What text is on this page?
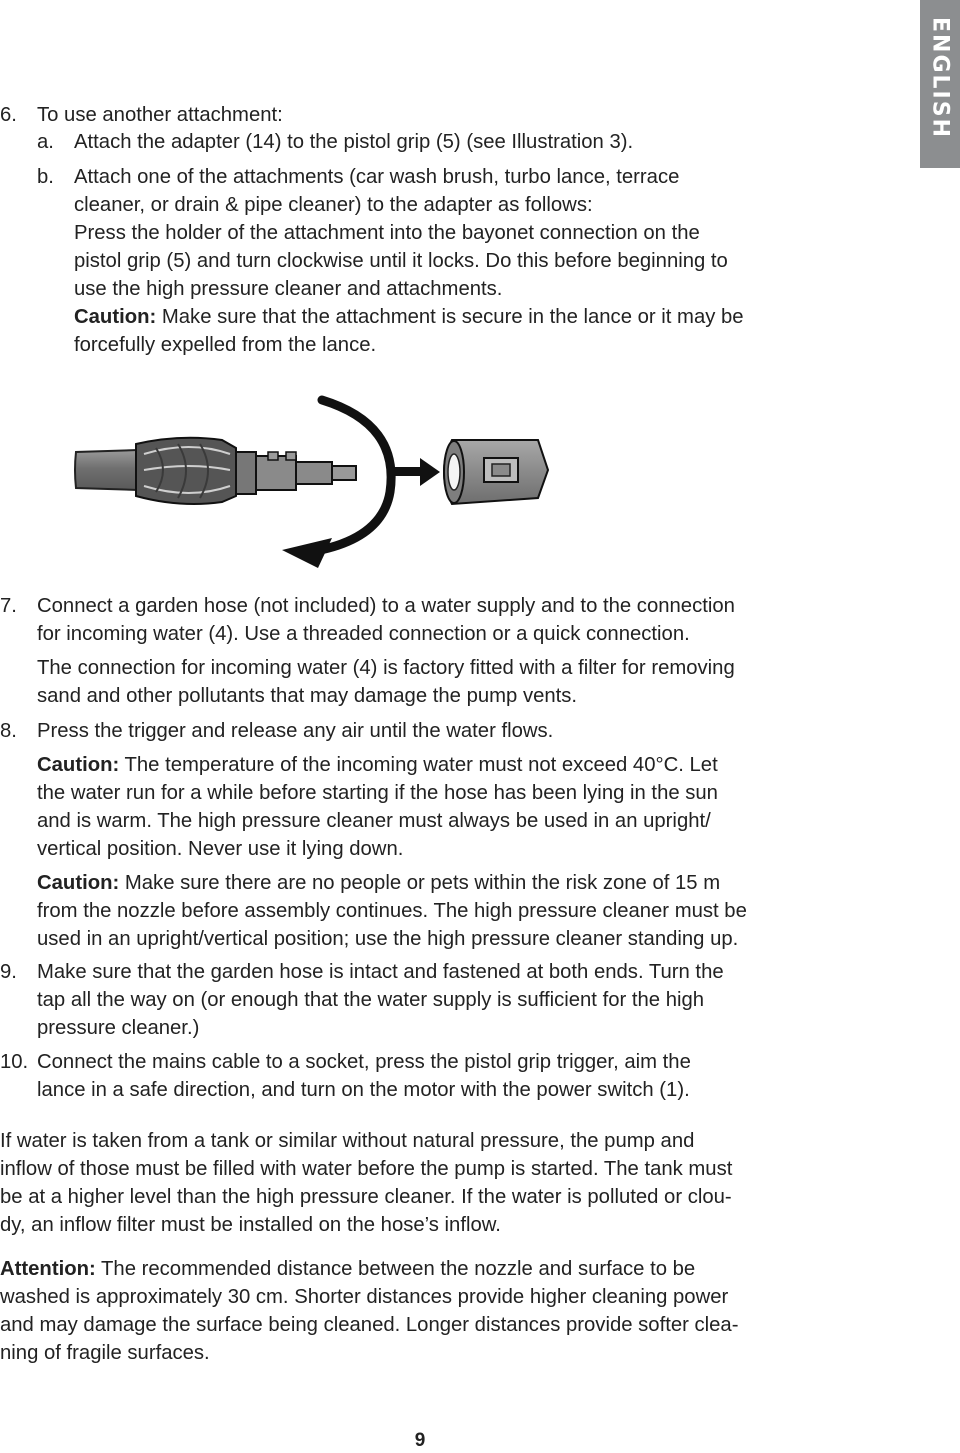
ENGLISH
6. To use another attachment:
a. Attach the adapter (14) to the pistol grip (5) (see Illustration 3).
b. Attach one of the attachments (car wash brush, turbo lance, terrace
cleaner, or drain & pipe cleaner) to the adapter as follows:
Press the holder of the attachment into the bayonet connection on the
pistol grip (5) and turn clockwise until it locks. Do this before beginning to
use the high pressure cleaner and attachments.
Caution: Make sure that the attachment is secure in the lance or it may be
forcefully expelled from the lance.
7. Connect a garden hose (not included) to a water supply and to the connection
for incoming water (4). Use a threaded connection or a quick connection.
The connection for incoming water (4) is factory fitted with a filter for removing
sand and other pollutants that may damage the pump vents.
8. Press the trigger and release any air until the water flows.
Caution: The temperature of the incoming water must not exceed 40°C. Let
the water run for a while before starting if the hose has been lying in the sun
and is warm. The high pressure cleaner must always be used in an upright/
vertical position. Never use it lying down.
Caution: Make sure there are no people or pets within the risk zone of 15 m
from the nozzle before assembly continues. The high pressure cleaner must be
used in an upright/vertical position; use the high pressure cleaner standing up.
9. Make sure that the garden hose is intact and fastened at both ends. Turn the
tap all the way on (or enough that the water supply is sufficient for the high
pressure cleaner.)
10. Connect the mains cable to a socket, press the pistol grip trigger, aim the
lance in a safe direction, and turn on the motor with the power switch (1).
If water is taken from a tank or similar without natural pressure, the pump and
inflow of those must be filled with water before the pump is started. The tank must
be at a higher level than the high pressure cleaner. If the water is polluted or clou-
dy, an inflow filter must be installed on the hose’s inflow.
Attention: The recommended distance between the nozzle and surface to be
washed is approximately 30 cm. Shorter distances provide higher cleaning power
and may damage the surface being cleaned. Longer distances provide softer clea-
ning of fragile surfaces.
9
